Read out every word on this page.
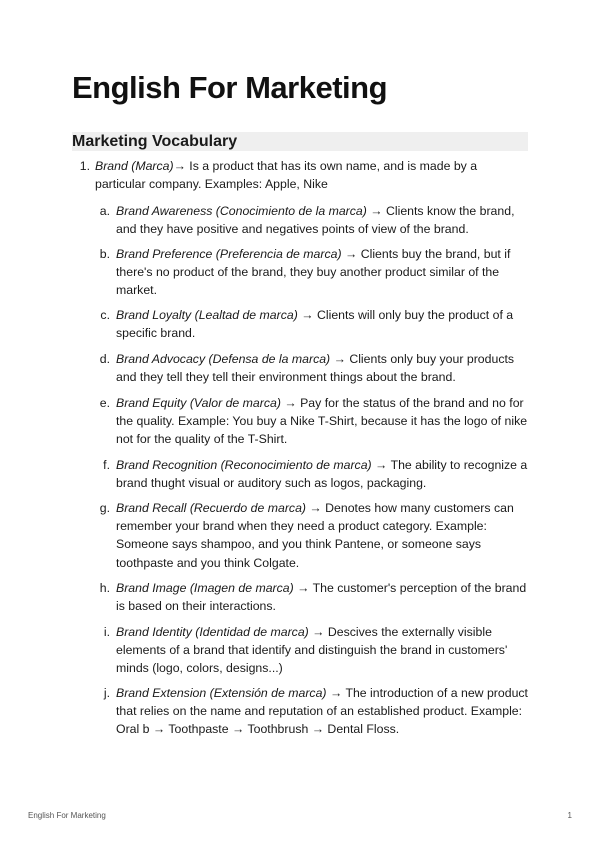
English For Marketing
Marketing Vocabulary
1. Brand (Marca)→ Is a product that has its own name, and is made by a particular company. Examples: Apple, Nike

a. Brand Awareness (Conocimiento de la marca) → Clients know the brand, and they have positive and negatives points of view of the brand.

b. Brand Preference (Preferencia de marca) → Clients buy the brand, but if there's no product of the brand, they buy another product similar of the market.

c. Brand Loyalty (Lealtad de marca) → Clients will only buy the product of a specific brand.

d. Brand Advocacy (Defensa de la marca) → Clients only buy your products and they tell they tell their environment things about the brand.

e. Brand Equity (Valor de marca) → Pay for the status of the brand and no for the quality. Example: You buy a Nike T-Shirt, because it has the logo of nike not for the quality of the T-Shirt.

f. Brand Recognition (Reconocimiento de marca) → The ability to recognize a brand thught visual or auditory such as logos, packaging.

g. Brand Recall (Recuerdo de marca) → Denotes how many customers can remember your brand when they need a product category. Example: Someone says shampoo, and you think Pantene, or someone says toothpaste and you think Colgate.

h. Brand Image (Imagen de marca) → The customer's perception of the brand is based on their interactions.

i. Brand Identity (Identidad de marca) → Descives the externally visible elements of a brand that identify and distinguish the brand in customers' minds (logo, colors, designs...)

j. Brand Extension (Extensión de marca) → The introduction of a new product that relies on the name and reputation of an established product. Example: Oral b → Toothpaste → Toothbrush → Dental Floss.

English For Marketing	1
